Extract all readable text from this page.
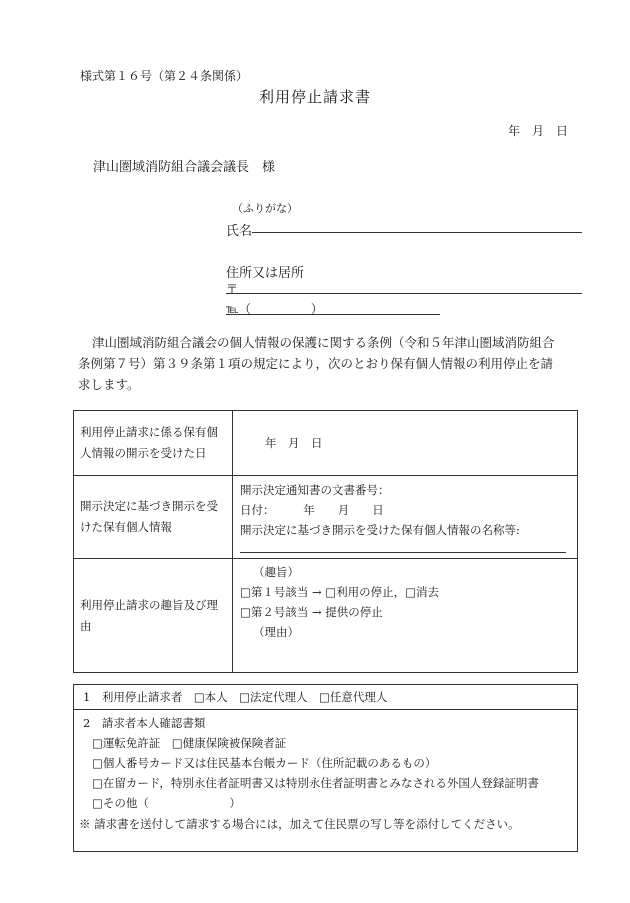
様式第１６号（第２４条関係）
利用停止請求書
年　月　日
津山圏域消防組合議会議長　様
（ふりがな）
氏名
住所又は居所
〒
℡（　　　　　）

津山圏域消防組合議会の個人情報の保護に関する条例（令和５年津山圏域消防組合

条例第７号）第３９条第１項の規定により，次のとおり保有個人情報の利用停止を請

求します。

利用停止請求に係る保有個人情報の開示を受けた日	年　月　日

開示決定に基づき開示を受けた保有個人情報	開示決定通知書の文書番号：
日付：　　　年　　月　　日
開示決定に基づき開示を受けた保有個人情報の名称等:

利用停止請求の趣旨及び理由	（趣旨）
□第１号該当 → □利用の停止，□消去
□第２号該当 → 提供の停止
（理由）
1　利用停止請求者　□本人　□法定代理人　□任意代理人
2　請求者本人確認書類
□運転免許証　□健康保険被保険者証
□個人番号カード又は住民基本台帳カード（住所記載のあるもの）
□在留カード，特別永住者証明書又は特別永住者証明書とみなされる外国人登録証明書
□その他（　　　　　　　）
※ 請求書を送付して請求する場合には，加えて住民票の写し等を添付してください。
